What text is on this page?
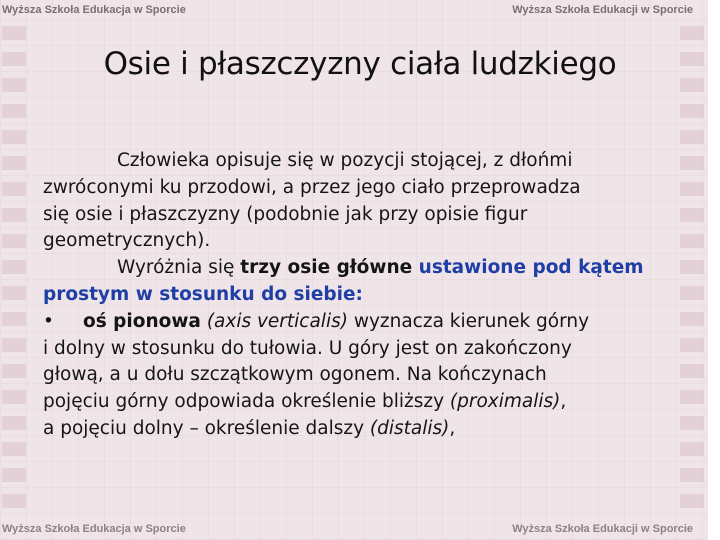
Wyższa Szkoła Edukacja w Sporcie	Wyższa Szkoła Edukacji w Sporcie
Osie i płaszczyzny ciała ludzkiego
Człowieka opisuje się w pozycji stojącej, z dłońmi
zwróconymi ku przodowi, a przez jego ciało przeprowadza
się osie i płaszczyzny (podobnie jak przy opisie figur
geometrycznych).
Wyróżnia się trzy osie główne ustawione pod kątem
prostym w stosunku do siebie:
• oś pionowa (axis verticalis) wyznacza kierunek górny
i dolny w stosunku do tułowia. U góry jest on zakończony
głową, a u dołu szczątkowym ogonem. Na kończynach
pojęciu górny odpowiada określenie bliższy (proximalis),
a pojęciu dolny – określenie dalszy (distalis),
Wyższa Szkoła Edukacja w Sporcie	Wyższa Szkoła Edukacji w Sporcie
